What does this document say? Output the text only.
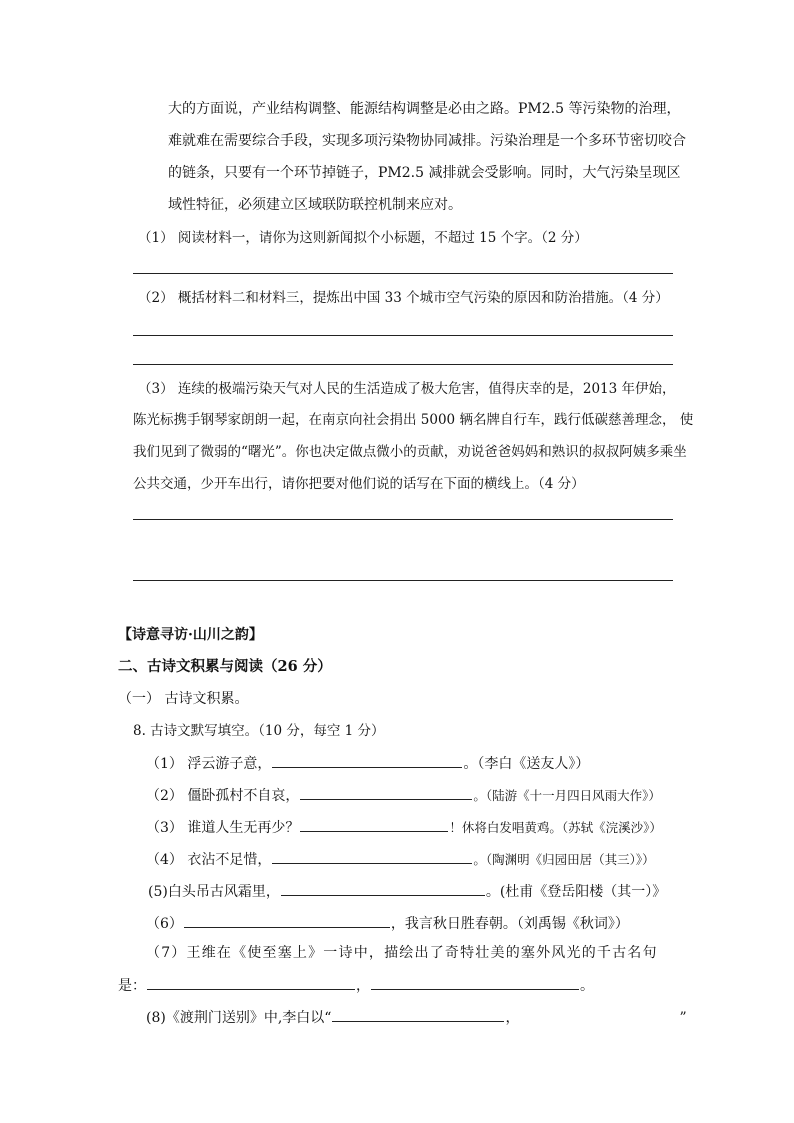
大的方面说，产业结构调整、能源结构调整是必由之路。PM2.5 等污染物的治理，
难就难在需要综合手段，实现多项污染物协同减排。污染治理是一个多环节密切咬合
的链条，只要有一个环节掉链子，PM2.5 减排就会受影响。同时，大气污染呈现区
域性特征，必须建立区域联防联控机制来应对。
（1） 阅读材料一，请你为这则新闻拟个小标题，不超过 15 个字。（2 分）
（2） 概括材料二和材料三，提炼出中国 33 个城市空气污染的原因和防治措施。（4 分）
（3） 连续的极端污染天气对人民的生活造成了极大危害，值得庆幸的是，2013 年伊始，
陈光标携手钢琴家朗朗一起，在南京向社会捐出 5000 辆名牌自行车，践行低碳慈善理念， 使
我们见到了微弱的“曙光”。你也决定做点微小的贡献，劝说爸爸妈妈和熟识的叔叔阿姨多乘坐
公共交通，少开车出行，请你把要对他们说的话写在下面的横线上。（4 分）
【诗意寻访·山川之韵】
二、古诗文积累与阅读（26 分）
（一） 古诗文积累。
8. 古诗文默写填空。（10 分，每空 1 分）
（1） 浮云游子意，	。（李白《送友人》）
（2） 僵卧孤村不自哀，	。（陆游《十一月四日风雨大作》）
（3） 谁道人生无再少？	！休将白发唱黄鸡。（苏轼《浣溪沙》）
（4） 衣沾不足惜，	。（陶渊明《归园田居（其三）》）
(5)白头吊古风霜里，	。(杜甫《登岳阳楼（其一）》
（6）	，我言秋日胜春朝。（刘禹锡《秋词》）
（7）王维在《使至塞上》一诗中，描绘出了奇特壮美的塞外风光的千古名句
是：	，	。
(8)《渡荆门送别》中,李白以“	，	”
